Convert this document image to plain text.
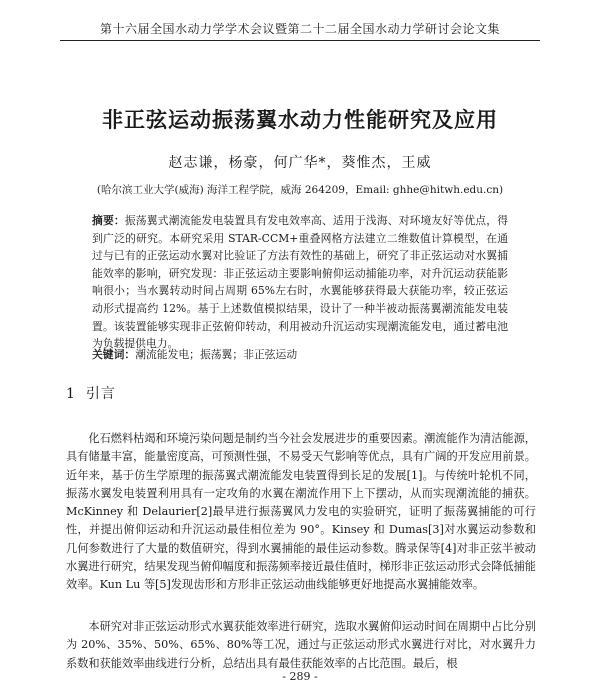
第十六届全国水动力学学术会议暨第二十二届全国水动力学研讨会论文集
非正弦运动振荡翼水动力性能研究及应用
赵志谦，杨豪，何广华*，葵惟杰，王威
(哈尔滨工业大学(威海) 海洋工程学院，威海 264209，Email: ghhe@hitwh.edu.cn)
摘要：振荡翼式潮流能发电装置具有发电效率高、适用于浅海、对环境友好等优点，得到广泛的研究。本研究采用 STAR-CCM+重叠网格方法建立二维数值计算模型，在通过与已有的正弦运动水翼对比验证了方法有效性的基础上，研究了非正弦运动对水翼捕能效率的影响，研究发现：非正弦运动主要影响俯仰运动捕能功率，对升沉运动获能影响很小；当水翼转动时间占周期 65%左右时，水翼能够获得最大获能功率，较正弦运动形式提高约 12%。基于上述数值模拟结果，设计了一种半被动振荡翼潮流能发电装置。该装置能够实现非正弦俯仰转动，利用被动升沉运动实现潮流能发电，通过蓄电池为负载提供电力。
关键词：潮流能发电；振荡翼；非正弦运动
1 引言

化石燃料枯竭和环境污染问题是制约当今社会发展进步的重要因素。潮流能作为清洁能源，具有储量丰富，能量密度高，可预测性强，不易受天气影响等优点，具有广阔的开发应用前景。近年来，基于仿生学原理的振荡翼式潮流能发电装置得到长足的发展[1]。与传统叶轮机不同，振荡水翼发电装置利用具有一定攻角的水翼在潮流作用下上下摆动，从而实现潮流能的捕获。McKinney 和 Delaurier[2]最早进行振荡翼风力发电的实验研究，证明了振荡翼捕能的可行性，并提出俯仰运动和升沉运动最佳相位差为 90°。Kinsey 和 Dumas[3]对水翼运动参数和几何参数进行了大量的数值研究，得到水翼捕能的最佳运动参数。腾录保等[4]对非正弦半被动水翼进行研究，结果发现当俯仰幅度和振荡频率接近最佳值时，梯形非正弦运动形式会降低捕能效率。Kun Lu 等[5]发现齿形和方形非正弦运动曲线能够更好地提高水翼捕能效率。

本研究对非正弦运动形式水翼获能效率进行研究，选取水翼俯仰运动时间在周期中占比分别为 20%、35%、50%、65%、80%等工况，通过与正弦运动形式水翼进行对比，对水翼升力系数和获能效率曲线进行分析，总结出具有最佳获能效率的占比范围。最后，根

- 289 -
